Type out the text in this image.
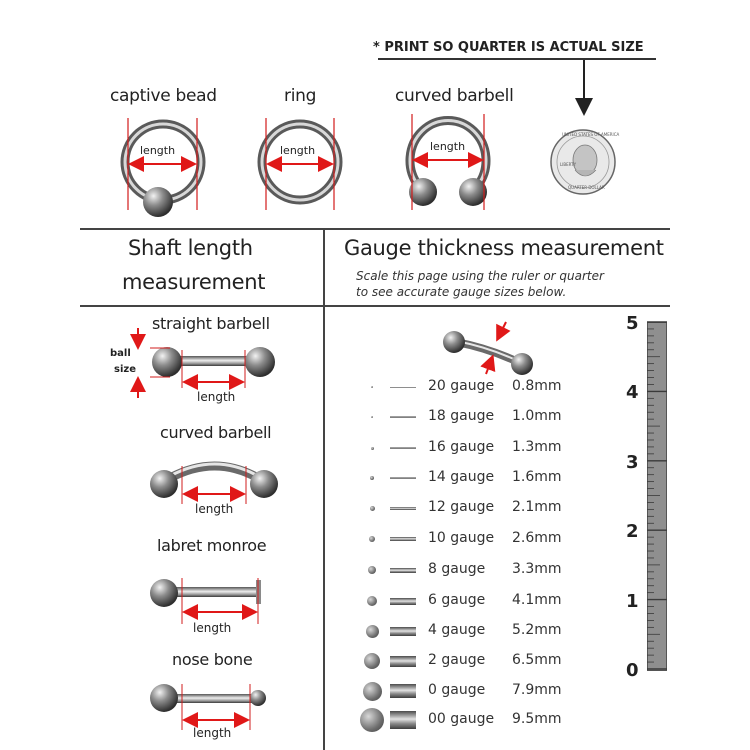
* PRINT SO QUARTER IS ACTUAL SIZE
captive bead	ring	curved barbell
length	length	length
UNITED STATES OF AMERICA
LIBERTY
QUARTER DOLLAR
Shaft length
measurement
Gauge thickness measurement
Scale this page using the ruler or quarter
to see accurate gauge sizes below.
straight barbell
ball
size
length
curved barbell
length
labret monroe
length
nose bone
length
20 gauge 0.8mm
18 gauge 1.0mm
16 gauge 1.3mm
14 gauge 1.6mm
12 gauge 2.1mm
10 gauge 2.6mm
8 gauge 3.3mm
6 gauge 4.1mm
4 gauge 5.2mm
2 gauge 6.5mm
0 gauge 7.9mm
00 gauge 9.5mm
5
4
3
2
1
0
